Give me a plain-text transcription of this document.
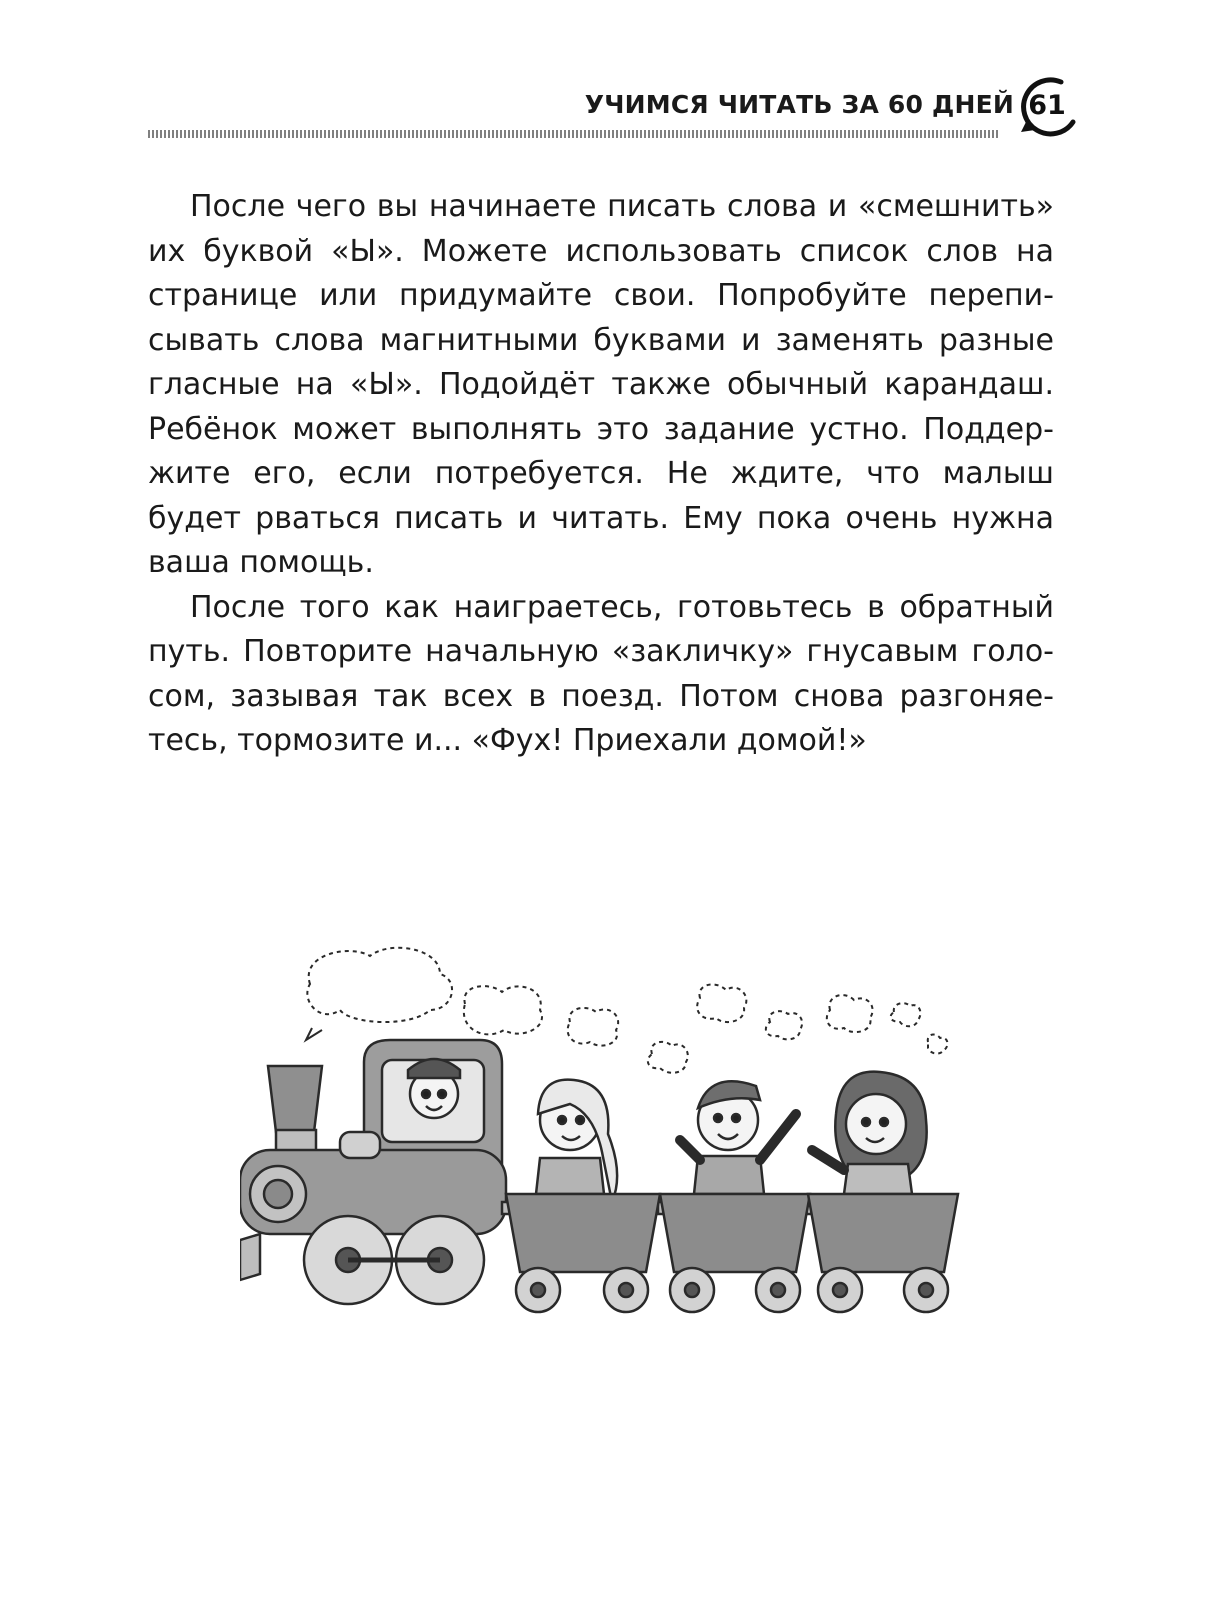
УЧИМСЯ ЧИТАТЬ ЗА 60 ДНЕЙ 61

После чего вы начинаете писать слова и «смешнить» их буквой «Ы». Можете использовать список слов на странице или придумайте свои. Попробуйте переписывать слова магнитными буквами и заменять разные гласные на «Ы». Подойдёт также обычный карандаш. Ребёнок может выполнять это задание устно. Поддержите его, если потребуется. Не ждите, что малыш будет рваться писать и читать. Ему пока очень нужна ваша помощь.

После того как наиграетесь, готовьтесь в обратный путь. Повторите начальную «закличку» гнусавым голосом, зазывая так всех в поезд. Потом снова разгоняетесь, тормозите и... «Фух! Приехали домой!»
